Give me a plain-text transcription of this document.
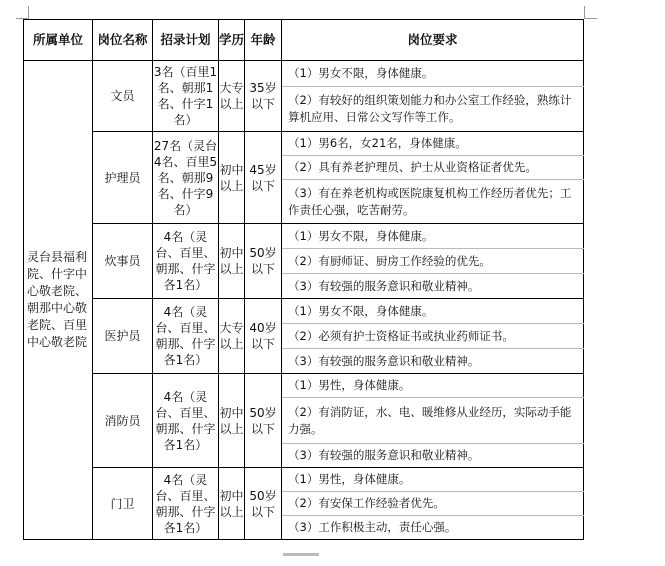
所属单位	岗位名称	招录计划	学历	年龄	岗位要求
灵台县福利院、什字中心敬老院、朝那中心敬老院、百里中心敬老院	文员	3名（百里1名、朝那1名、什字1名）	大专以上	35岁以下	（1）男女不限，身体健康。
					（2）有较好的组织策划能力和办公室工作经验，熟练计算机应用、日常公文写作等工作。
	护理员	27名（灵台4名、百里5名、朝那9名、什字9名）	初中以上	45岁以下	（1）男6名，女21名，身体健康。
					（2）具有养老护理员、护士从业资格证者优先。
					（3）有在养老机构或医院康复机构工作经历者优先；工作责任心强，吃苦耐劳。
	炊事员	4名（灵台、百里、朝那、什字各1名）	初中以上	50岁以下	（1）男女不限，身体健康。
					（2）有厨师证、厨房工作经验的优先。
					（3）有较强的服务意识和敬业精神。
	医护员	4名（灵台、百里、朝那、什字各1名）	大专以上	40岁以下	（1）男女不限，身体健康。
					（2）必须有护士资格证书或执业药师证书。
					（3）有较强的服务意识和敬业精神。
	消防员	4名（灵台、百里、朝那、什字各1名）	初中以上	50岁以下	（1）男性，身体健康。
					（2）有消防证，水、电、暖维修从业经历，实际动手能力强。
					（3）有较强的服务意识和敬业精神。
	门卫	4名（灵台、百里、朝那、什字各1名）	初中以上	50岁以下	（1）男性，身体健康。
					（2）有安保工作经验者优先。
					（3）工作积极主动，责任心强。
